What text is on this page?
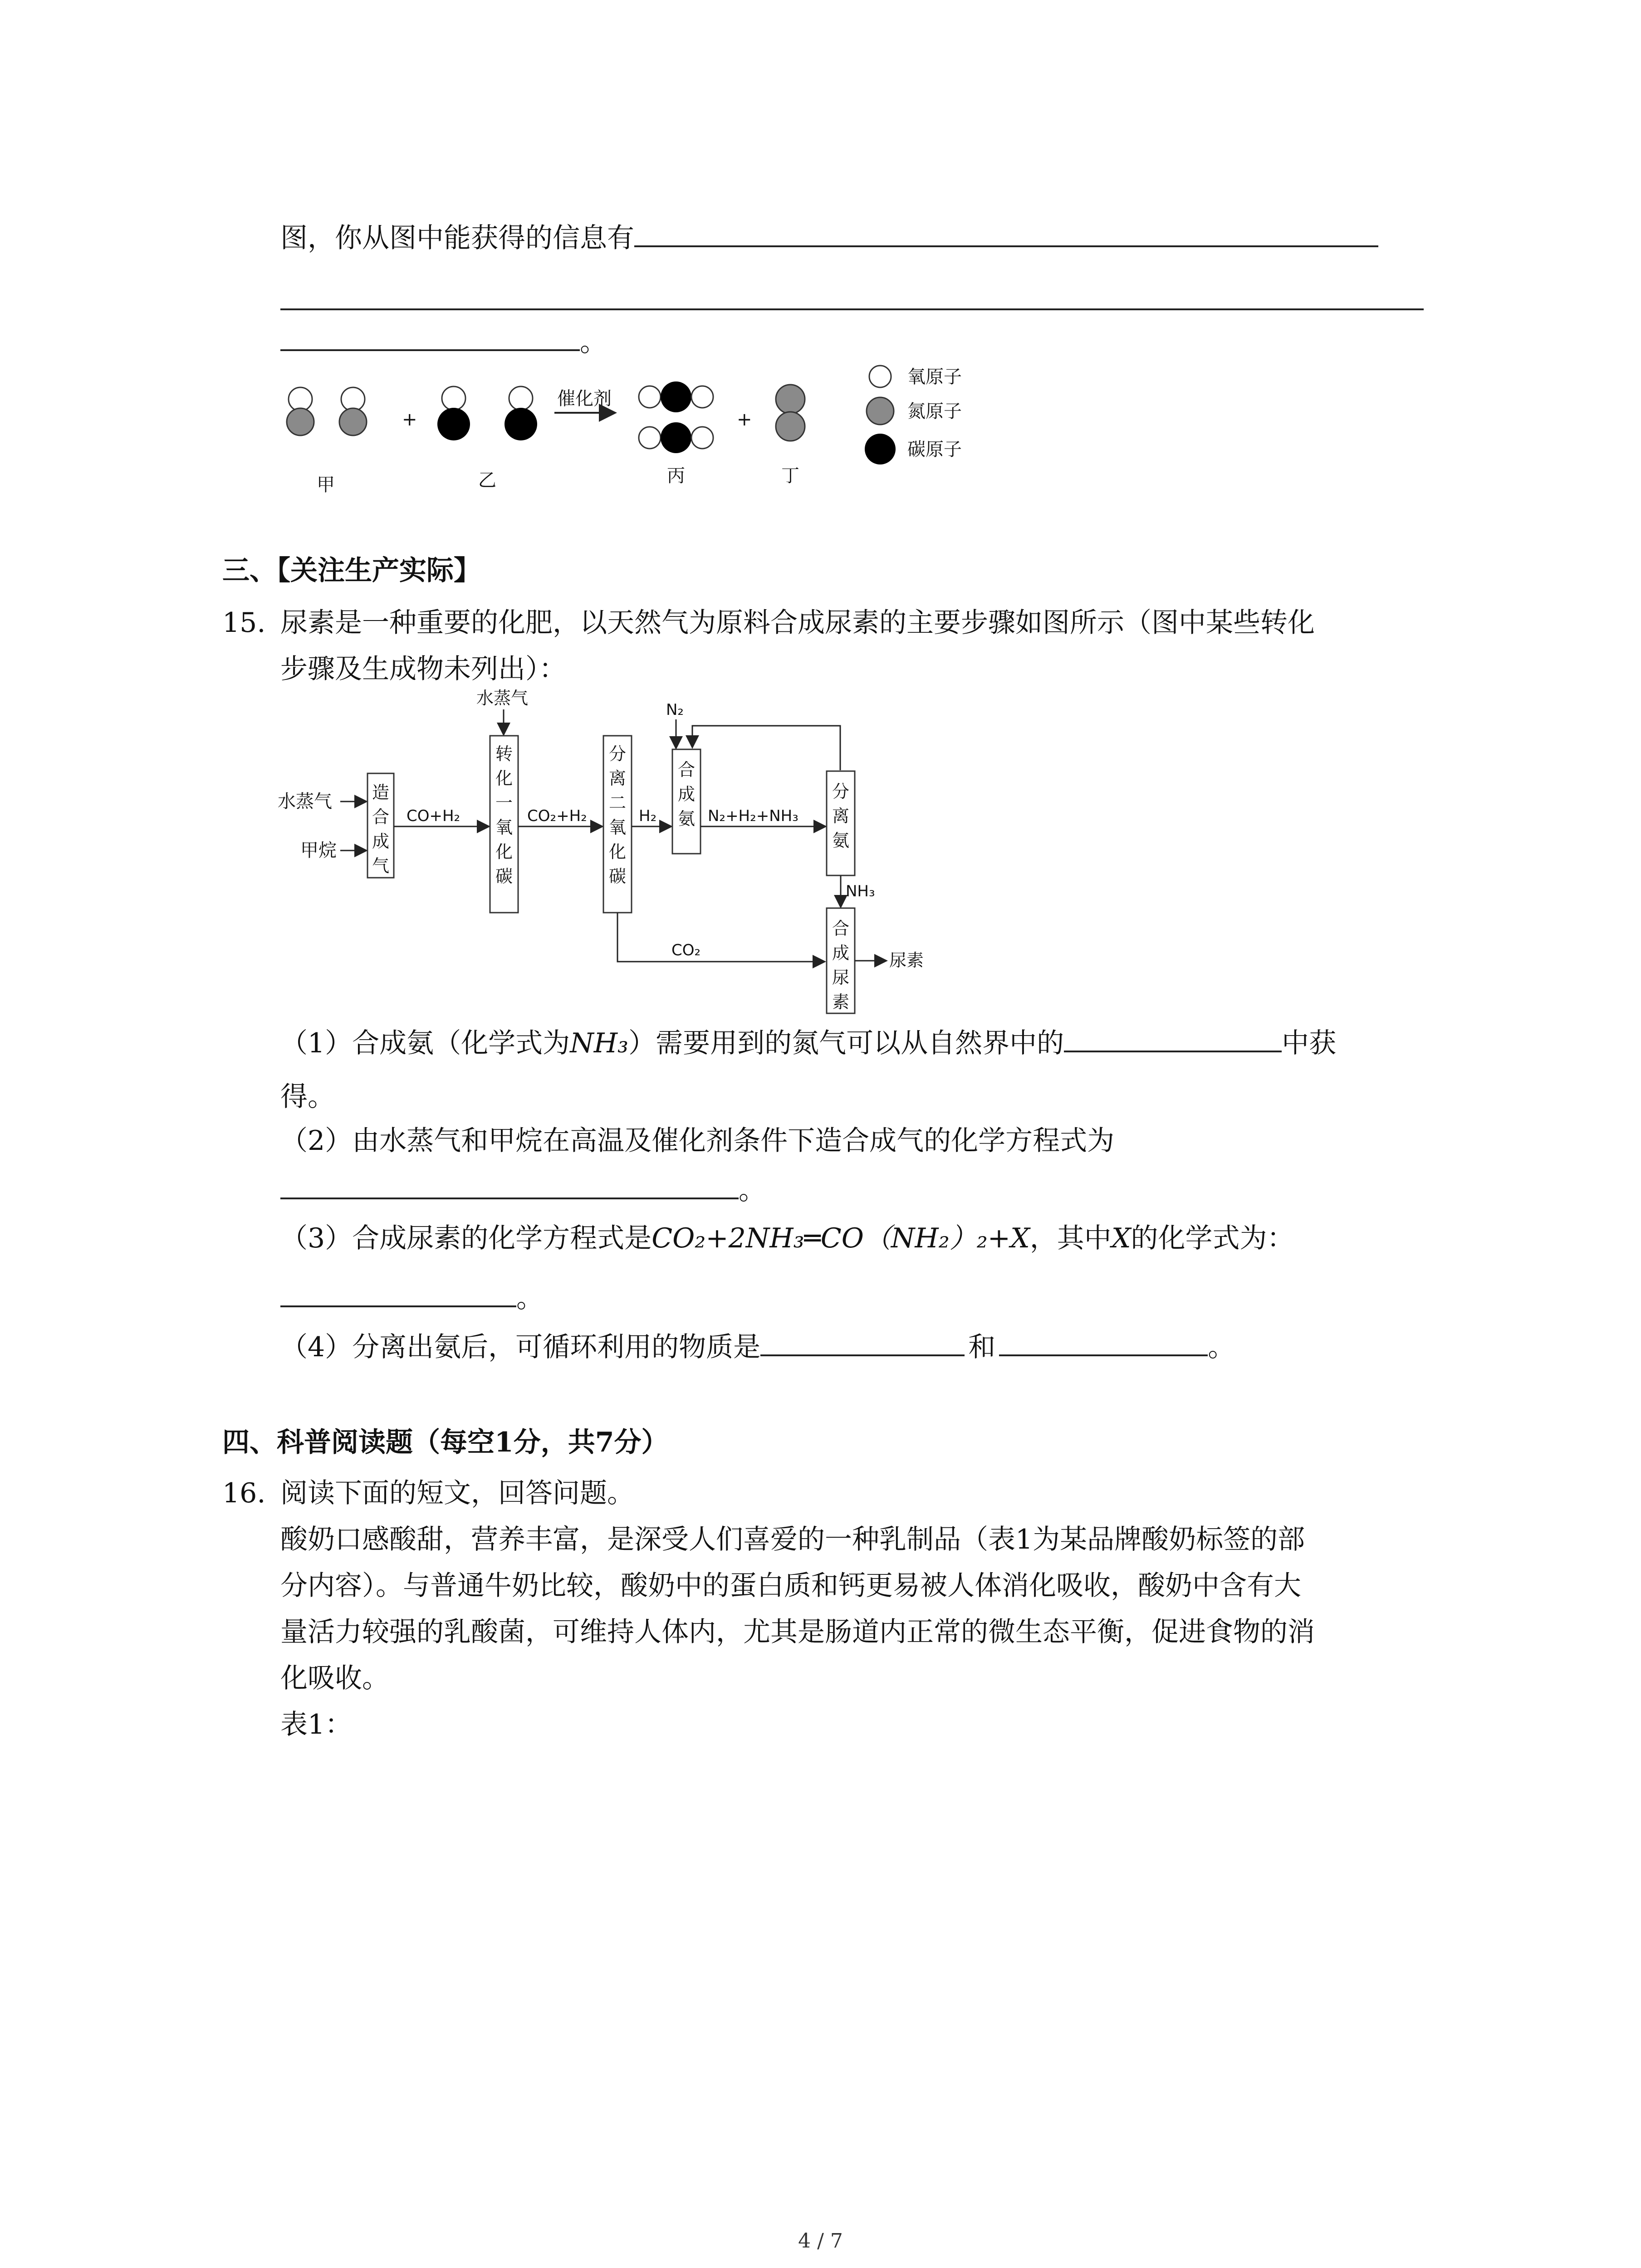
图，你从图中能获得的信息有
。
+
催化剂
+
甲	乙	丙	丁
氧原子
氮原子
碳原子
三、【关注生产实际】
15. 尿素是一种重要的化肥，以天然气为原料合成尿素的主要步骤如图所示（图中某些转化
步骤及生成物未列出）：
水蒸气
甲烷
造合成气
CO+H₂
水蒸气
转化一氧化碳
CO₂+H₂
分离二氧化碳
H₂
N₂
合成氨 N₂+H₂+NH₃
分离氨
NH₃
合成尿素
CO₂	尿素
（1）合成氨（化学式为NH₃）需要用到的氮气可以从自然界中的	中获
得。
（2）由水蒸气和甲烷在高温及催化剂条件下造合成气的化学方程式为
。
（3）合成尿素的化学方程式是CO₂+2NH₃═CO（NH₂）₂+X，其中X的化学式为：
。
（4）分离出氨后，可循环利用的物质是	和	。
四、科普阅读题（每空1分，共7分）
16. 阅读下面的短文，回答问题。
酸奶口感酸甜，营养丰富，是深受人们喜爱的一种乳制品（表1为某品牌酸奶标签的部
分内容）。与普通牛奶比较，酸奶中的蛋白质和钙更易被人体消化吸收，酸奶中含有大
量活力较强的乳酸菌，可维持人体内，尤其是肠道内正常的微生态平衡，促进食物的消
化吸收。
表1：
4 / 7
